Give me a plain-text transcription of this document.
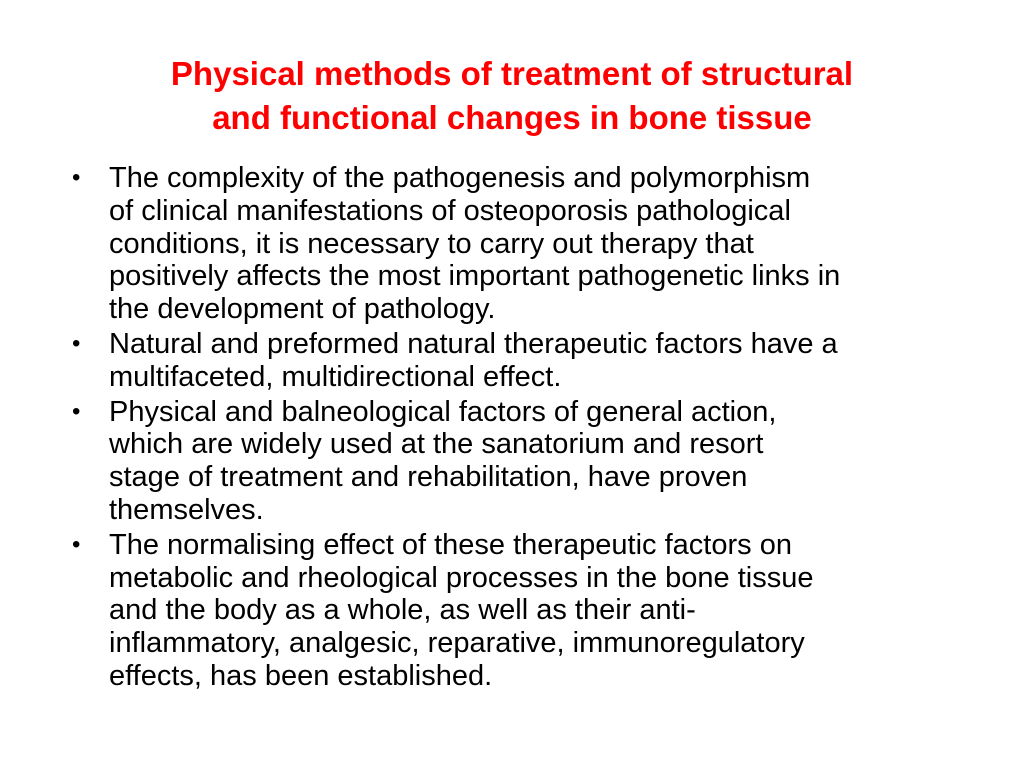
Physical methods of treatment of structural
and functional changes in bone tissue
• The complexity of the pathogenesis and polymorphism
of clinical manifestations of osteoporosis pathological
conditions, it is necessary to carry out therapy that
positively affects the most important pathogenetic links in
the development of pathology.
• Natural and preformed natural therapeutic factors have a
multifaceted, multidirectional effect.
• Physical and balneological factors of general action,
which are widely used at the sanatorium and resort
stage of treatment and rehabilitation, have proven
themselves.
• The normalising effect of these therapeutic factors on
metabolic and rheological processes in the bone tissue
and the body as a whole, as well as their anti-
inflammatory, analgesic, reparative, immunoregulatory
effects, has been established.
